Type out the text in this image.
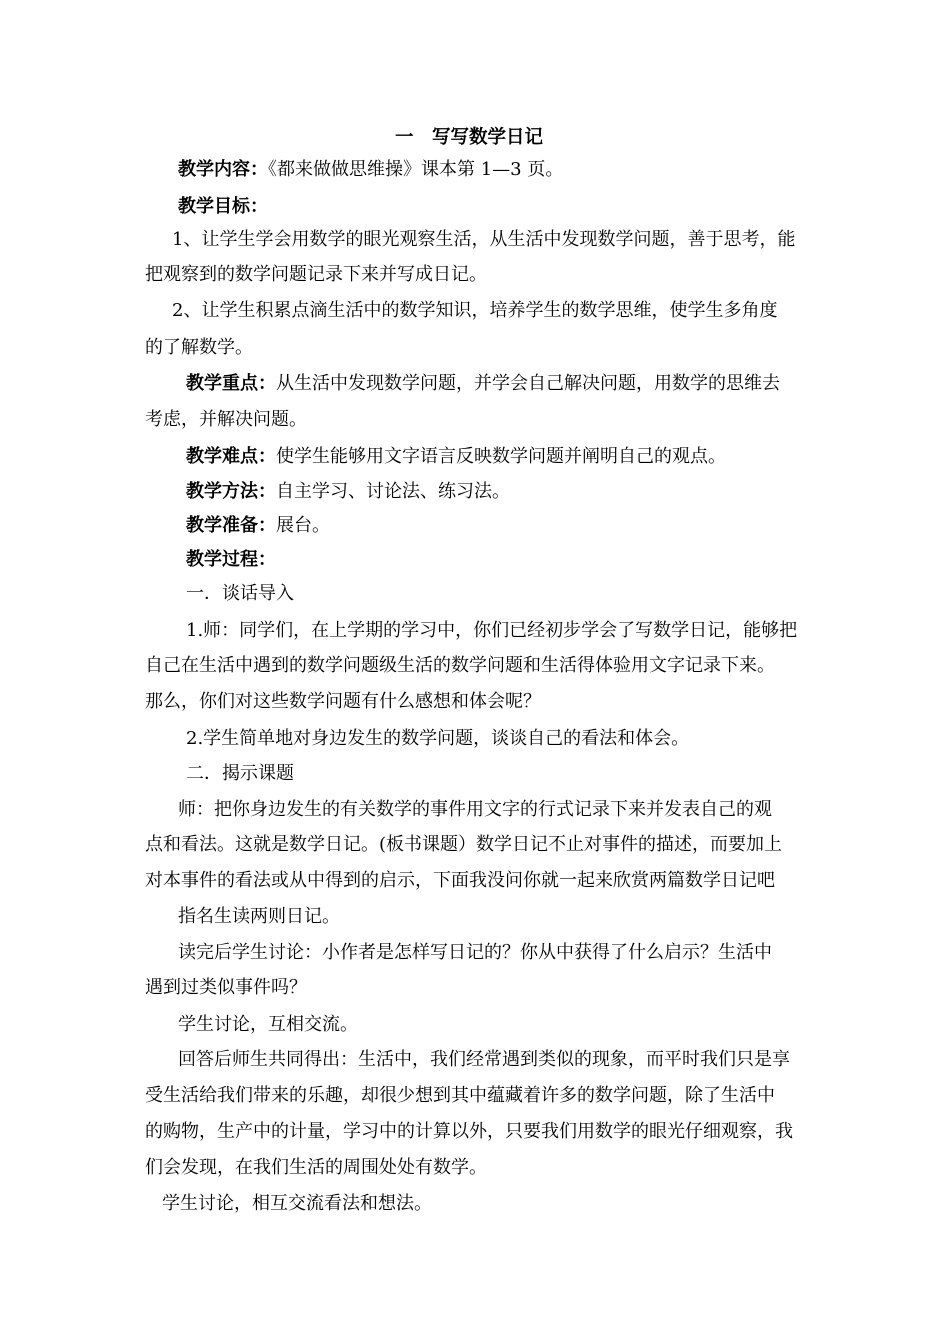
一　写写数学日记

教学内容：《都来做做思维操》课本第 1—3 页。

教学目标：

1、让学生学会用数学的眼光观察生活，从生活中发现数学问题，善于思考，能

把观察到的数学问题记录下来并写成日记。

2、让学生积累点滴生活中的数学知识，培养学生的数学思维，使学生多角度

的了解数学。

教学重点：从生活中发现数学问题，并学会自己解决问题，用数学的思维去

考虑，并解决问题。

教学难点：使学生能够用文字语言反映数学问题并阐明自己的观点。

教学方法：自主学习、讨论法、练习法。

教学准备：展台。

教学过程：

一．谈话导入

1.师：同学们，在上学期的学习中，你们已经初步学会了写数学日记，能够把

自己在生活中遇到的数学问题级生活的数学问题和生活得体验用文字记录下来。

那么，你们对这些数学问题有什么感想和体会呢？

2.学生简单地对身边发生的数学问题，谈谈自己的看法和体会。

二．揭示课题

师：把你身边发生的有关数学的事件用文字的行式记录下来并发表自己的观

点和看法。这就是数学日记。(板书课题）数学日记不止对事件的描述，而要加上

对本事件的看法或从中得到的启示，下面我没问你就一起来欣赏两篇数学日记吧

指名生读两则日记。

读完后学生讨论：小作者是怎样写日记的？你从中获得了什么启示？生活中

遇到过类似事件吗？

学生讨论，互相交流。

回答后师生共同得出：生活中，我们经常遇到类似的现象，而平时我们只是享

受生活给我们带来的乐趣，却很少想到其中蕴藏着许多的数学问题，除了生活中

的购物，生产中的计量，学习中的计算以外，只要我们用数学的眼光仔细观察，我

们会发现，在我们生活的周围处处有数学。

学生讨论，相互交流看法和想法。
